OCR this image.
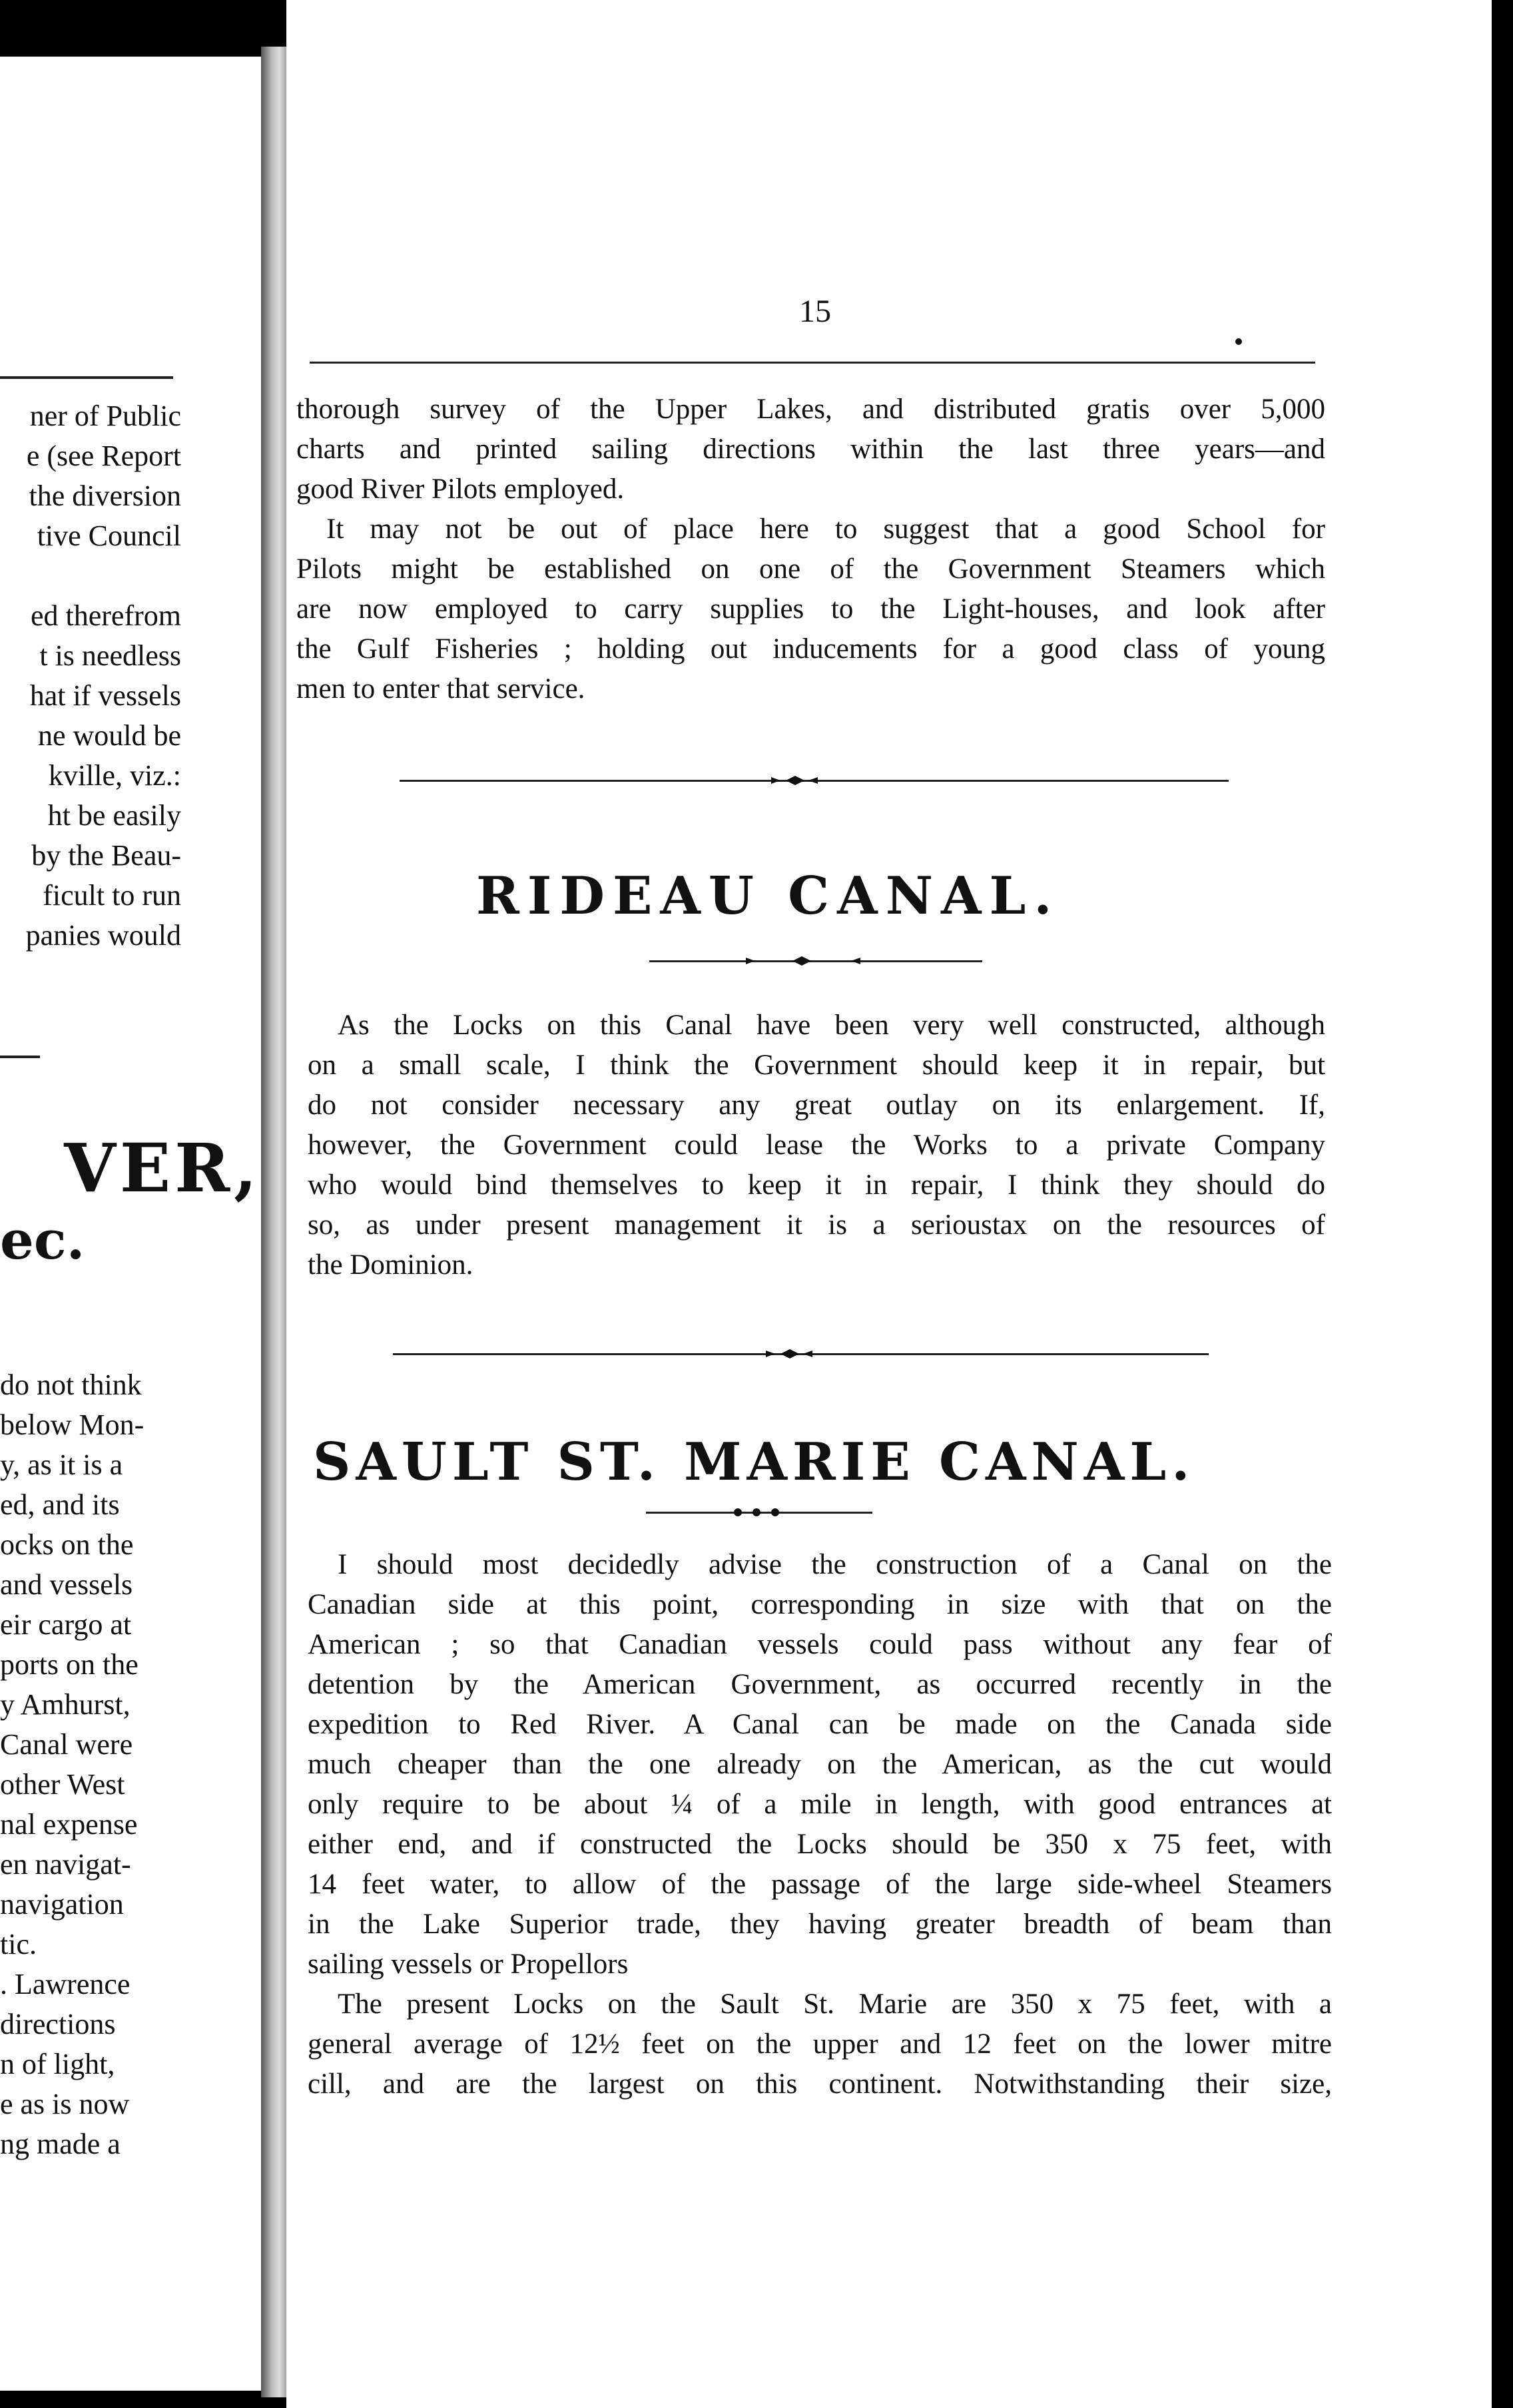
ner of Public
e (see Report
the diversion
tive Council

ed therefrom
t is needless
hat if vessels
ne would be
kville, viz.:
ht be easily
by the Beau-
ficult to run
panies would
VER,
ec.
do not think
below Mon-
y, as it is a
ed, and its
ocks on the
and vessels
eir cargo at
ports on the
y Amhurst,
Canal were
other West
nal expense
en navigat-
navigation
tic.
. Lawrence
directions
n of light,
e as is now
ng made a
15
thorough survey of the Upper Lakes, and distributed gratis over 5,000
charts and printed sailing directions within the last three years—and
good River Pilots employed.
It may not be out of place here to suggest that a good School for
Pilots might be established on one of the Government Steamers which
are now employed to carry supplies to the Light-houses, and look after
the Gulf Fisheries ; holding out inducements for a good class of young
men to enter that service.
RIDEAU CANAL.
As the Locks on this Canal have been very well constructed, although
on a small scale, I think the Government should keep it in repair, but
do not consider necessary any great outlay on its enlargement. If,
however, the Government could lease the Works to a private Company
who would bind themselves to keep it in repair, I think they should do
so, as under present management it is a serioustax on the resources of
the Dominion.
SAULT ST. MARIE CANAL.
I should most decidedly advise the construction of a Canal on the
Canadian side at this point, corresponding in size with that on the
American ; so that Canadian vessels could pass without any fear of
detention by the American Government, as occurred recently in the
expedition to Red River. A Canal can be made on the Canada side
much cheaper than the one already on the American, as the cut would
only require to be about ¼ of a mile in length, with good entrances at
either end, and if constructed the Locks should be 350 x 75 feet, with
14 feet water, to allow of the passage of the large side-wheel Steamers
in the Lake Superior trade, they having greater breadth of beam than
sailing vessels or Propellors
The present Locks on the Sault St. Marie are 350 x 75 feet, with a
general average of 12½ feet on the upper and 12 feet on the lower mitre
cill, and are the largest on this continent. Notwithstanding their size,
